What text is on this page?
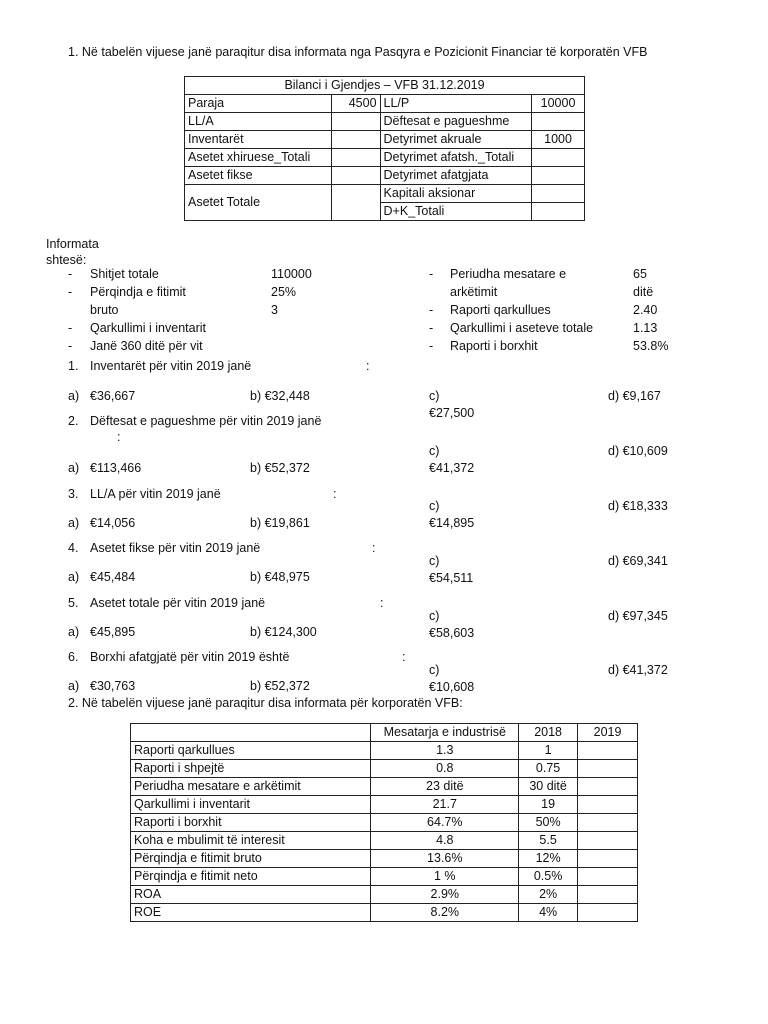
1. Në tabelën vijuese janë paraqitur disa informata nga Pasqyra e Pozicionit Financiar të korporatën VFB
Bilanci i Gjendjes – VFB 31.12.2019			
Paraja	4500	LL/P	10000
LL/A		Dëftesat e pagueshme	
Inventarët		Detyrimet akruale	1000
Asetet xhiruese_Totali		Detyrimet afatsh._Totali	
Asetet fikse		Detyrimet afatgjata	
Asetet Totale		Kapitali aksionar	
		D+K_Totali	
Informata
shtesë:
- Shitjet totale	110000
- Përqindja e fitimit	25%
bruto	3
- Qarkullimi i inventarit
- Janë 360 ditë për vit
- Periudha mesatare e	65
arkëtimit	ditë
- Raporti qarkullues	2.40
- Qarkullimi i aseteve totale	1.13
- Raporti i borxhit	53.8%
1. Inventarët për vitin 2019 janë	:
a) €36,667	b) €32,448	c)
€27,500
d) €9,167
2. Dëftesat e pagueshme për vitin 2019 janë
:
a) €113,466	b) €52,372
c)
€41,372
d) €10,609
3. LL/A për vitin 2019 janë	:
a) €14,056	b) €19,861
c)
€14,895
d) €18,333
4. Asetet fikse për vitin 2019 janë	:
a) €45,484	b) €48,975
c)
€54,511
d) €69,341
5. Asetet totale për vitin 2019 janë	:
a) €45,895	b) €124,300
c)
€58,603
d) €97,345
6. Borxhi afatgjatë për vitin 2019 është	:
a) €30,763	b) €52,372
c)
€10,608
d) €41,372
2. Në tabelën vijuese janë paraqitur disa informata për korporatën VFB:
	Mesatarja e industrisë	2018	2019
Raporti qarkullues	1.3	1	
Raporti i shpejtë	0.8	0.75	
Periudha mesatare e arkëtimit	23 ditë	30 ditë	
Qarkullimi i inventarit	21.7	19	
Raporti i borxhit	64.7%	50%	
Koha e mbulimit të interesit	4.8	5.5	
Përqindja e fitimit bruto	13.6%	12%	
Përqindja e fitimit neto	1 %	0.5%	
ROA	2.9%	2%	
ROE	8.2%	4%	
